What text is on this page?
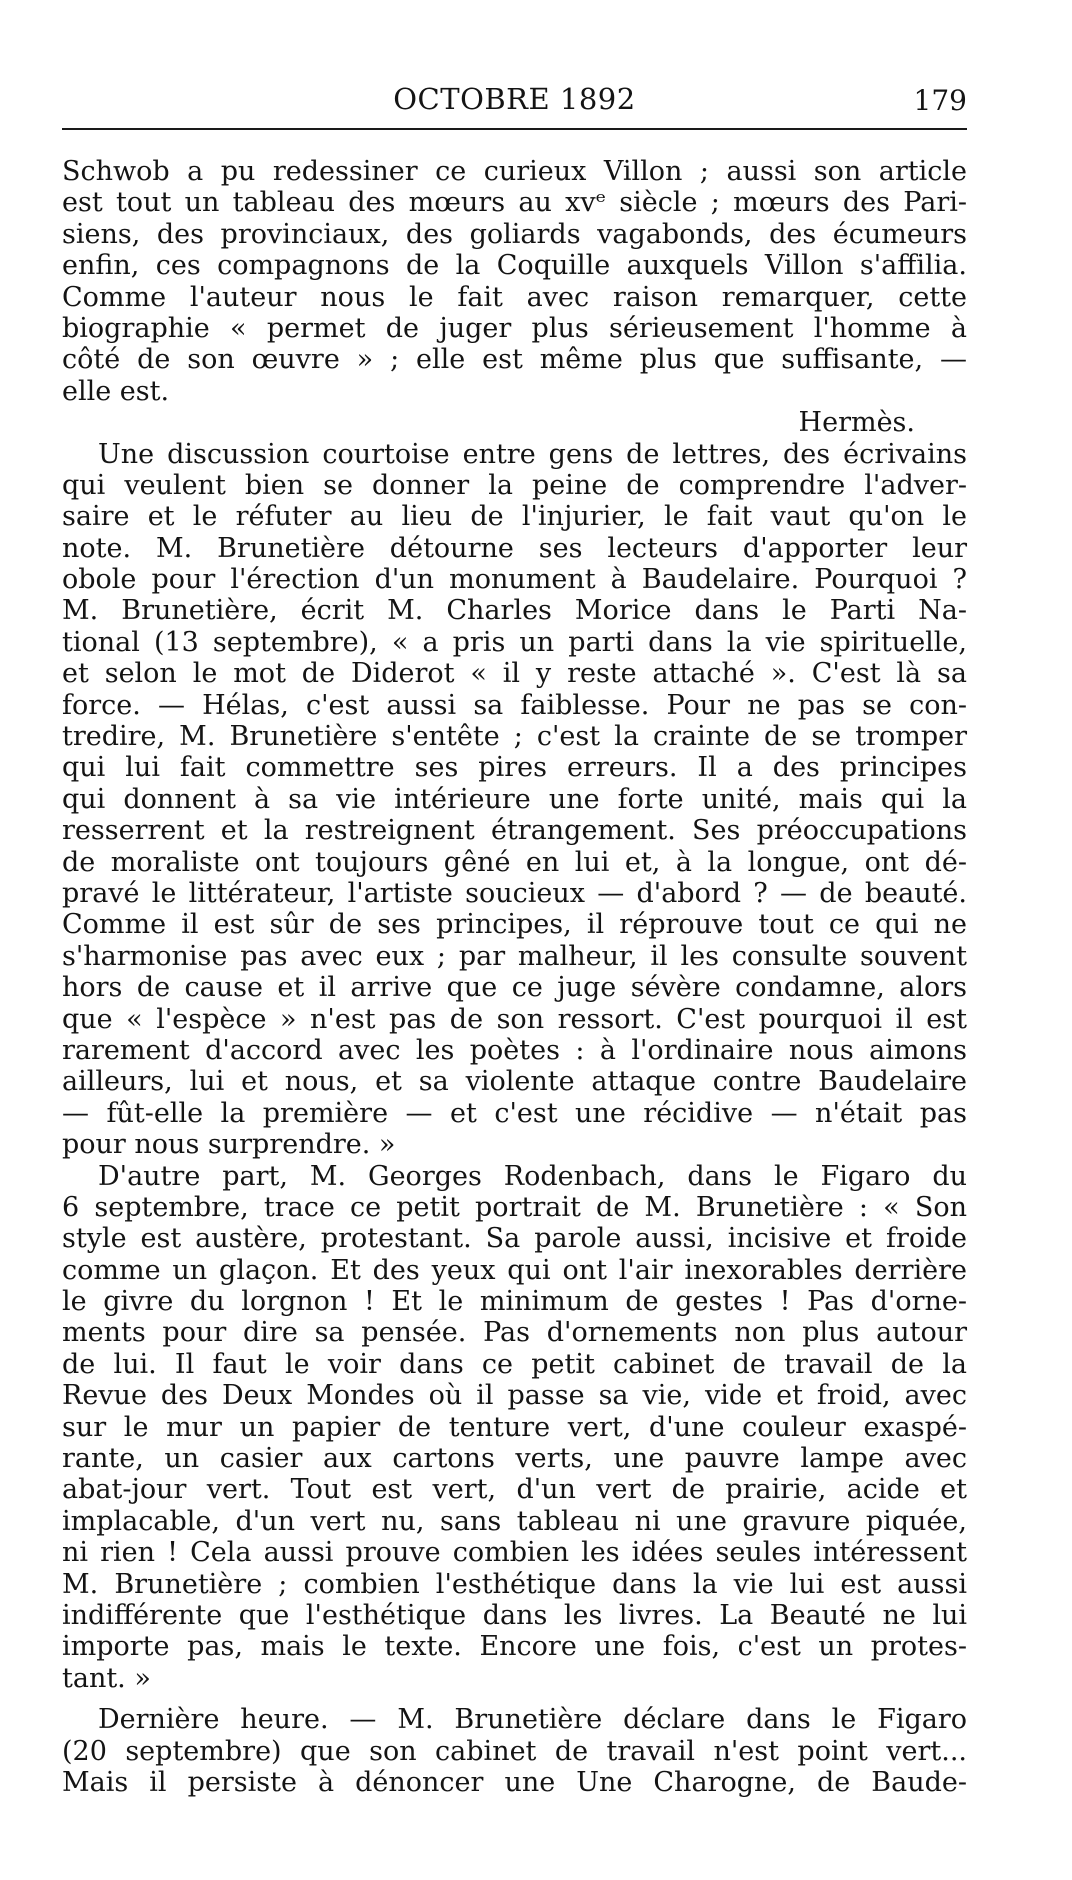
OCTOBRE 1892	179
Schwob a pu redessiner ce curieux Villon ; aussi son article
est tout un tableau des mœurs au xvᵉ siècle ; mœurs des Pari-
siens, des provinciaux, des goliards vagabonds, des écumeurs
enfin, ces compagnons de la Coquille auxquels Villon s'affilia.
Comme l'auteur nous le fait avec raison remarquer, cette
biographie « permet de juger plus sérieusement l'homme à
côté de son œuvre » ; elle est même plus que suffisante, —
elle est.
Hermès.
Une discussion courtoise entre gens de lettres, des écrivains
qui veulent bien se donner la peine de comprendre l'adver-
saire et le réfuter au lieu de l'injurier, le fait vaut qu'on le
note. M. Brunetière détourne ses lecteurs d'apporter leur
obole pour l'érection d'un monument à Baudelaire. Pourquoi ?
M. Brunetière, écrit M. Charles Morice dans le Parti Na-
tional (13 septembre), « a pris un parti dans la vie spirituelle,
et selon le mot de Diderot « il y reste attaché ». C'est là sa
force. — Hélas, c'est aussi sa faiblesse. Pour ne pas se con-
tredire, M. Brunetière s'entête ; c'est la crainte de se tromper
qui lui fait commettre ses pires erreurs. Il a des principes
qui donnent à sa vie intérieure une forte unité, mais qui la
resserrent et la restreignent étrangement. Ses préoccupations
de moraliste ont toujours gêné en lui et, à la longue, ont dé-
pravé le littérateur, l'artiste soucieux — d'abord ? — de beauté.
Comme il est sûr de ses principes, il réprouve tout ce qui ne
s'harmonise pas avec eux ; par malheur, il les consulte souvent
hors de cause et il arrive que ce juge sévère condamne, alors
que « l'espèce » n'est pas de son ressort. C'est pourquoi il est
rarement d'accord avec les poètes : à l'ordinaire nous aimons
ailleurs, lui et nous, et sa violente attaque contre Baudelaire
— fût-elle la première — et c'est une récidive — n'était pas
pour nous surprendre. »
D'autre part, M. Georges Rodenbach, dans le Figaro du
6 septembre, trace ce petit portrait de M. Brunetière : « Son
style est austère, protestant. Sa parole aussi, incisive et froide
comme un glaçon. Et des yeux qui ont l'air inexorables derrière
le givre du lorgnon ! Et le minimum de gestes ! Pas d'orne-
ments pour dire sa pensée. Pas d'ornements non plus autour
de lui. Il faut le voir dans ce petit cabinet de travail de la
Revue des Deux Mondes où il passe sa vie, vide et froid, avec
sur le mur un papier de tenture vert, d'une couleur exaspé-
rante, un casier aux cartons verts, une pauvre lampe avec
abat-jour vert. Tout est vert, d'un vert de prairie, acide et
implacable, d'un vert nu, sans tableau ni une gravure piquée,
ni rien ! Cela aussi prouve combien les idées seules intéressent
M. Brunetière ; combien l'esthétique dans la vie lui est aussi
indifférente que l'esthétique dans les livres. La Beauté ne lui
importe pas, mais le texte. Encore une fois, c'est un protes-
tant. »
Dernière heure. — M. Brunetière déclare dans le Figaro
(20 septembre) que son cabinet de travail n'est point vert...
Mais il persiste à dénoncer une Une Charogne, de Baude-
